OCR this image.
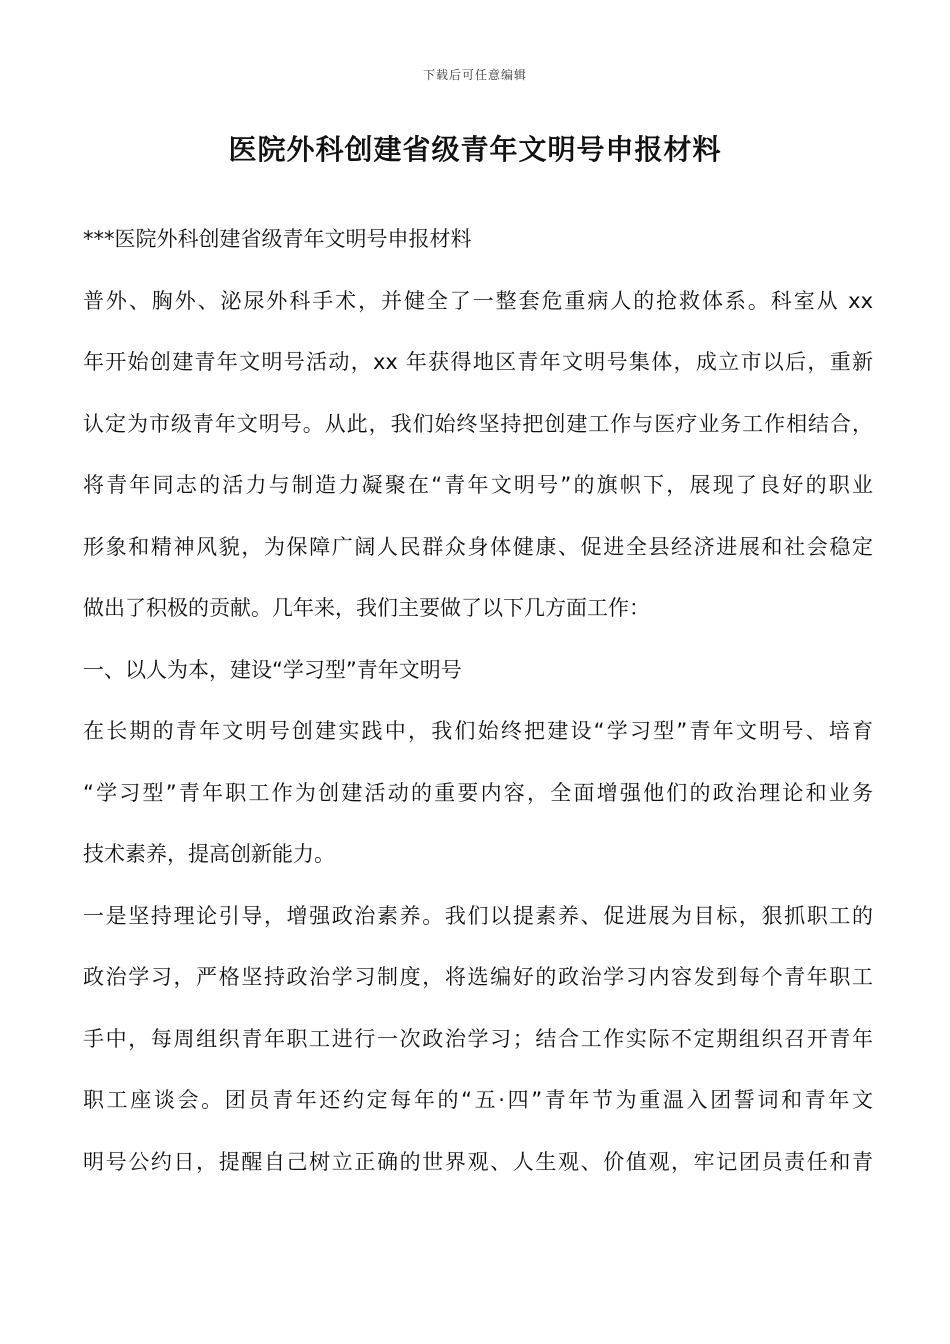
下载后可任意编辑
医院外科创建省级青年文明号申报材料
***医院外科创建省级青年文明号申报材料
普外、胸外、泌尿外科手术，并健全了一整套危重病人的抢救体系。科室从 xx
年开始创建青年文明号活动，xx 年获得地区青年文明号集体，成立市以后，重新
认定为市级青年文明号。从此，我们始终坚持把创建工作与医疗业务工作相结合，
将青年同志的活力与制造力凝聚在“青年文明号”的旗帜下，展现了良好的职业
形象和精神风貌，为保障广阔人民群众身体健康、促进全县经济进展和社会稳定
做出了积极的贡献。几年来，我们主要做了以下几方面工作：
一、以人为本，建设“学习型”青年文明号
在长期的青年文明号创建实践中，我们始终把建设“学习型”青年文明号、培育
“学习型”青年职工作为创建活动的重要内容，全面增强他们的政治理论和业务
技术素养，提高创新能力。
一是坚持理论引导，增强政治素养。我们以提素养、促进展为目标，狠抓职工的
政治学习，严格坚持政治学习制度，将选编好的政治学习内容发到每个青年职工
手中，每周组织青年职工进行一次政治学习；结合工作实际不定期组织召开青年
职工座谈会。团员青年还约定每年的“五·四”青年节为重温入团誓词和青年文
明号公约日，提醒自己树立正确的世界观、人生观、价值观，牢记团员责任和青
